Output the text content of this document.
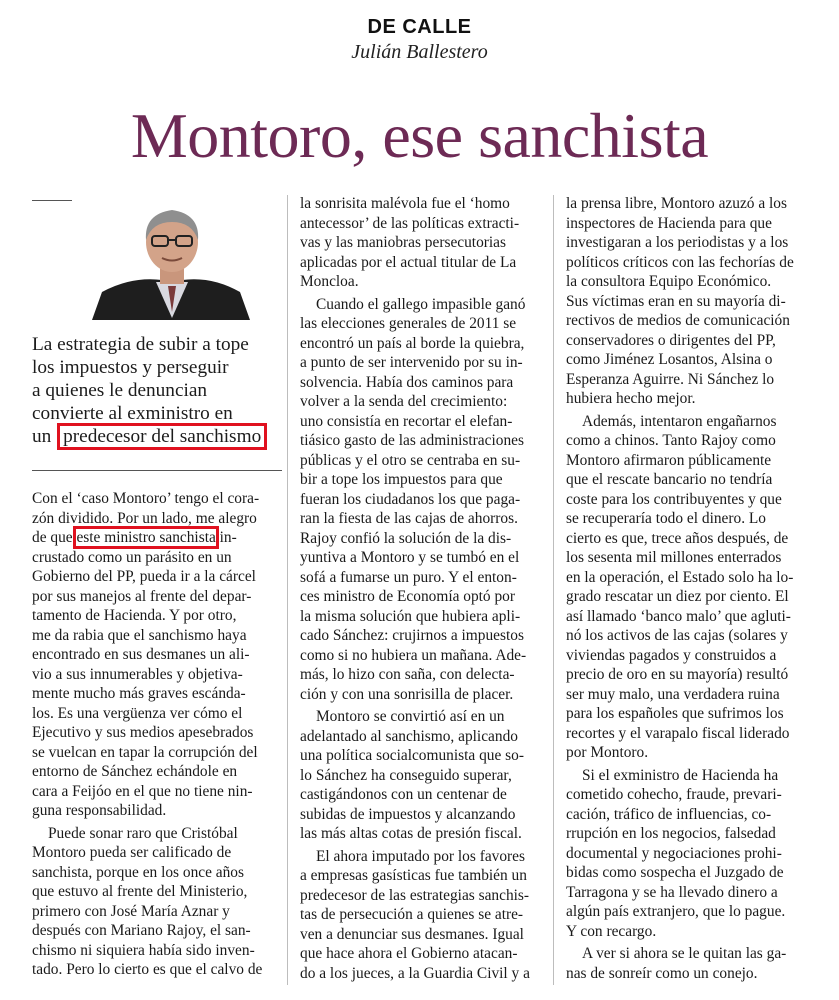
DE CALLE
Julián Ballestero
Montoro, ese sanchista
La estrategia de subir a tope
los impuestos y perseguir
a quienes le denuncian
convierte al exministro en
un predecesor del sanchismo
Con el ‘caso Montoro’ tengo el cora-
zón dividido. Por un lado, me alegro
de que este ministro sanchista in-
crustado como un parásito en un
Gobierno del PP, pueda ir a la cárcel
por sus manejos al frente del depar-
tamento de Hacienda. Y por otro,
me da rabia que el sanchismo haya
encontrado en sus desmanes un ali-
vio a sus innumerables y objetiva-
mente mucho más graves escánda-
los. Es una vergüenza ver cómo el
Ejecutivo y sus medios apesebrados
se vuelcan en tapar la corrupción del
entorno de Sánchez echándole en
cara a Feijóo en el que no tiene nin-
guna responsabilidad.
Puede sonar raro que Cristóbal
Montoro pueda ser calificado de
sanchista, porque en los once años
que estuvo al frente del Ministerio,
primero con José María Aznar y
después con Mariano Rajoy, el san-
chismo ni siquiera había sido inven-
tado. Pero lo cierto es que el calvo de
la sonrisita malévola fue el ‘homo
antecessor’ de las políticas extracti-
vas y las maniobras persecutorias
aplicadas por el actual titular de La
Moncloa.
Cuando el gallego impasible ganó
las elecciones generales de 2011 se
encontró un país al borde la quiebra,
a punto de ser intervenido por su in-
solvencia. Había dos caminos para
volver a la senda del crecimiento:
uno consistía en recortar el elefan-
tiásico gasto de las administraciones
públicas y el otro se centraba en su-
bir a tope los impuestos para que
fueran los ciudadanos los que paga-
ran la fiesta de las cajas de ahorros.
Rajoy confió la solución de la dis-
yuntiva a Montoro y se tumbó en el
sofá a fumarse un puro. Y el enton-
ces ministro de Economía optó por
la misma solución que hubiera apli-
cado Sánchez: crujirnos a impuestos
como si no hubiera un mañana. Ade-
más, lo hizo con saña, con delecta-
ción y con una sonrisilla de placer.
Montoro se convirtió así en un
adelantado al sanchismo, aplicando
una política socialcomunista que so-
lo Sánchez ha conseguido superar,
castigándonos con un centenar de
subidas de impuestos y alcanzando
las más altas cotas de presión fiscal.
El ahora imputado por los favores
a empresas gasísticas fue también un
predecesor de las estrategias sanchis-
tas de persecución a quienes se atre-
ven a denunciar sus desmanes. Igual
que hace ahora el Gobierno atacan-
do a los jueces, a la Guardia Civil y a
la prensa libre, Montoro azuzó a los
inspectores de Hacienda para que
investigaran a los periodistas y a los
políticos críticos con las fechorías de
la consultora Equipo Económico.
Sus víctimas eran en su mayoría di-
rectivos de medios de comunicación
conservadores o dirigentes del PP,
como Jiménez Losantos, Alsina o
Esperanza Aguirre. Ni Sánchez lo
hubiera hecho mejor.
Además, intentaron engañarnos
como a chinos. Tanto Rajoy como
Montoro afirmaron públicamente
que el rescate bancario no tendría
coste para los contribuyentes y que
se recuperaría todo el dinero. Lo
cierto es que, trece años después, de
los sesenta mil millones enterrados
en la operación, el Estado solo ha lo-
grado rescatar un diez por ciento. El
así llamado ‘banco malo’ que agluti-
nó los activos de las cajas (solares y
viviendas pagados y construidos a
precio de oro en su mayoría) resultó
ser muy malo, una verdadera ruina
para los españoles que sufrimos los
recortes y el varapalo fiscal liderado
por Montoro.
Si el exministro de Hacienda ha
cometido cohecho, fraude, prevari-
cación, tráfico de influencias, co-
rrupción en los negocios, falsedad
documental y negociaciones prohi-
bidas como sospecha el Juzgado de
Tarragona y se ha llevado dinero a
algún país extranjero, que lo pague.
Y con recargo.
A ver si ahora se le quitan las ga-
nas de sonreír como un conejo.
